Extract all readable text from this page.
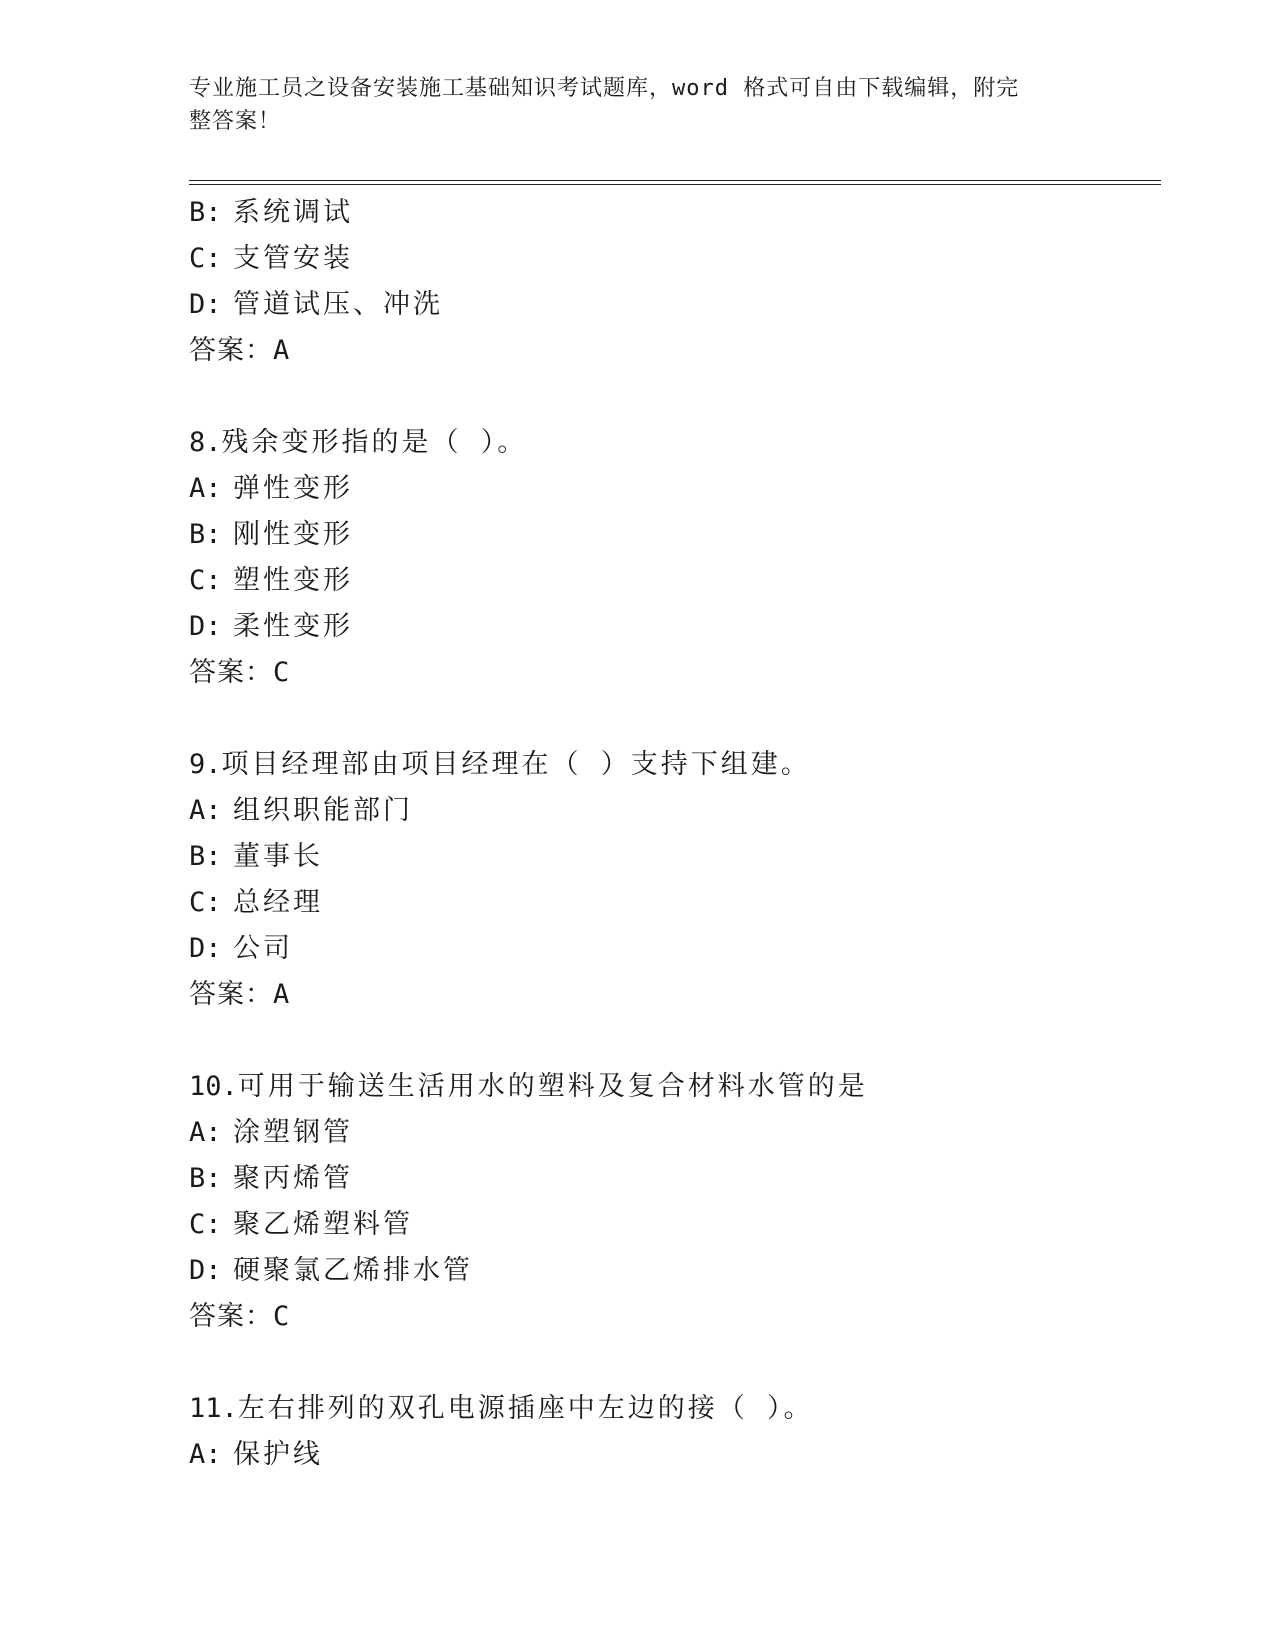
专业施工员之设备安装施工基础知识考试题库，word 格式可自由下载编辑，附完
整答案！
B: 系统调试
C: 支管安装
D: 管道试压、冲洗
答案：A
8.残余变形指的是（ ）。
A: 弹性变形
B: 刚性变形
C: 塑性变形
D: 柔性变形
答案：C
9.项目经理部由项目经理在（ ）支持下组建。
A: 组织职能部门
B: 董事长
C: 总经理
D: 公司
答案：A
10.可用于输送生活用水的塑料及复合材料水管的是
A: 涂塑钢管
B: 聚丙烯管
C: 聚乙烯塑料管
D: 硬聚氯乙烯排水管
答案：C
11.左右排列的双孔电源插座中左边的接（ ）。
A: 保护线
